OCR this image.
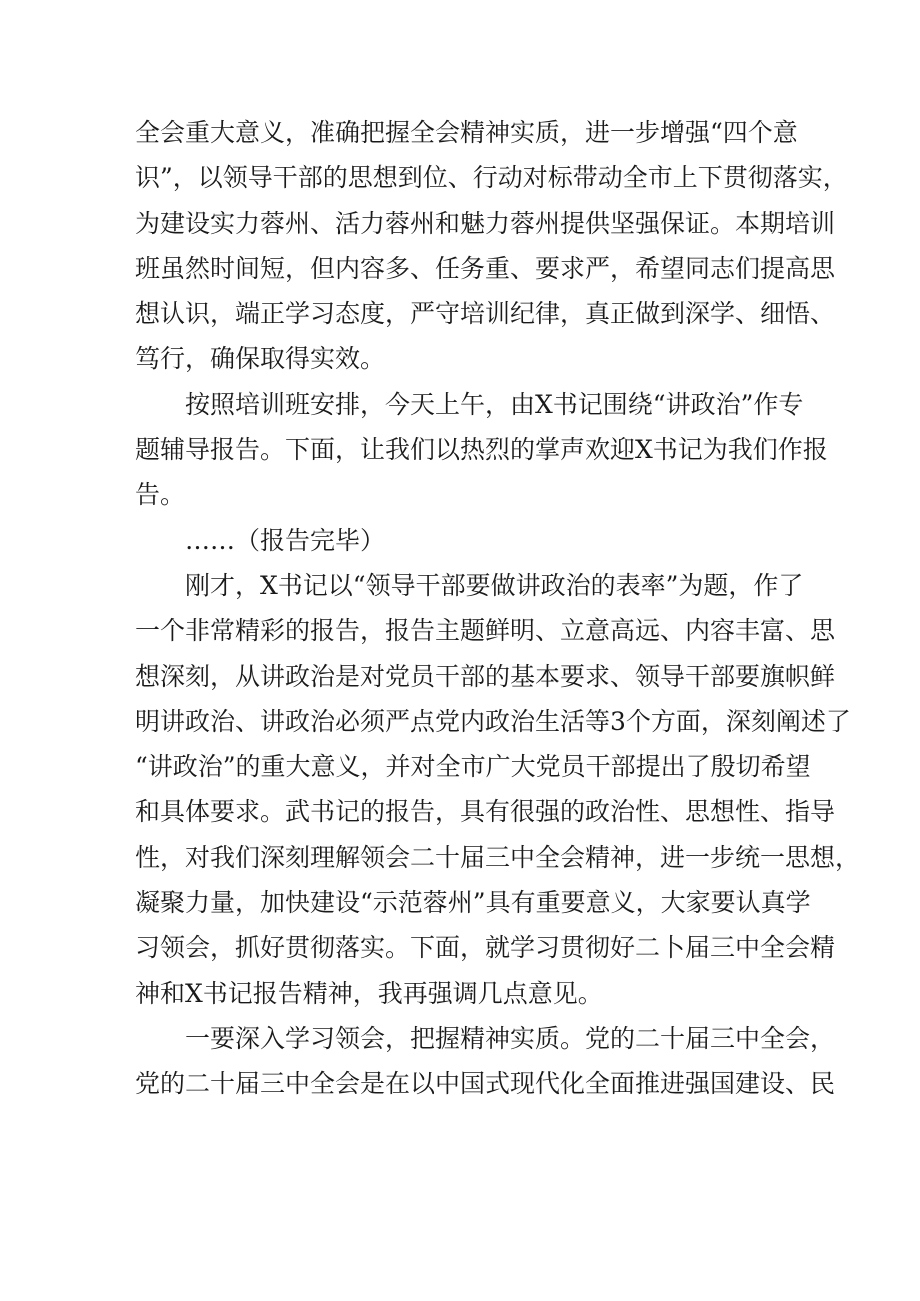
全会重大意义，准确把握全会精神实质，进一步增强“四个意
识”，以领导干部的思想到位、行动对标带动全市上下贯彻落实，
为建设实力蓉州、活力蓉州和魅力蓉州提供坚强保证。本期培训
班虽然时间短，但内容多、任务重、要求严，希望同志们提高思
想认识，端正学习态度，严守培训纪律，真正做到深学、细悟、
笃行，确保取得实效。

　　按照培训班安排，今天上午，由X书记围绕“讲政治”作专
题辅导报告。下面，让我们以热烈的掌声欢迎X书记为我们作报
告。

　　……（报告完毕）

　　刚才，X书记以“领导干部要做讲政治的表率”为题，作了
一个非常精彩的报告，报告主题鲜明、立意高远、内容丰富、思
想深刻，从讲政治是对党员干部的基本要求、领导干部要旗帜鲜
明讲政治、讲政治必须严点党内政治生活等3个方面，深刻阐述了
“讲政治”的重大意义，并对全市广大党员干部提出了殷切希望
和具体要求。武书记的报告，具有很强的政治性、思想性、指导
性，对我们深刻理解领会二十届三中全会精神，进一步统一思想，
凝聚力量，加快建设“示范蓉州”具有重要意义，大家要认真学
习领会，抓好贯彻落实。下面，就学习贯彻好二卜届三中全会精
神和X书记报告精神，我再强调几点意见。

　　一要深入学习领会，把握精神实质。党的二十届三中全会，
党的二十届三中全会是在以中国式现代化全面推进强国建设、民
